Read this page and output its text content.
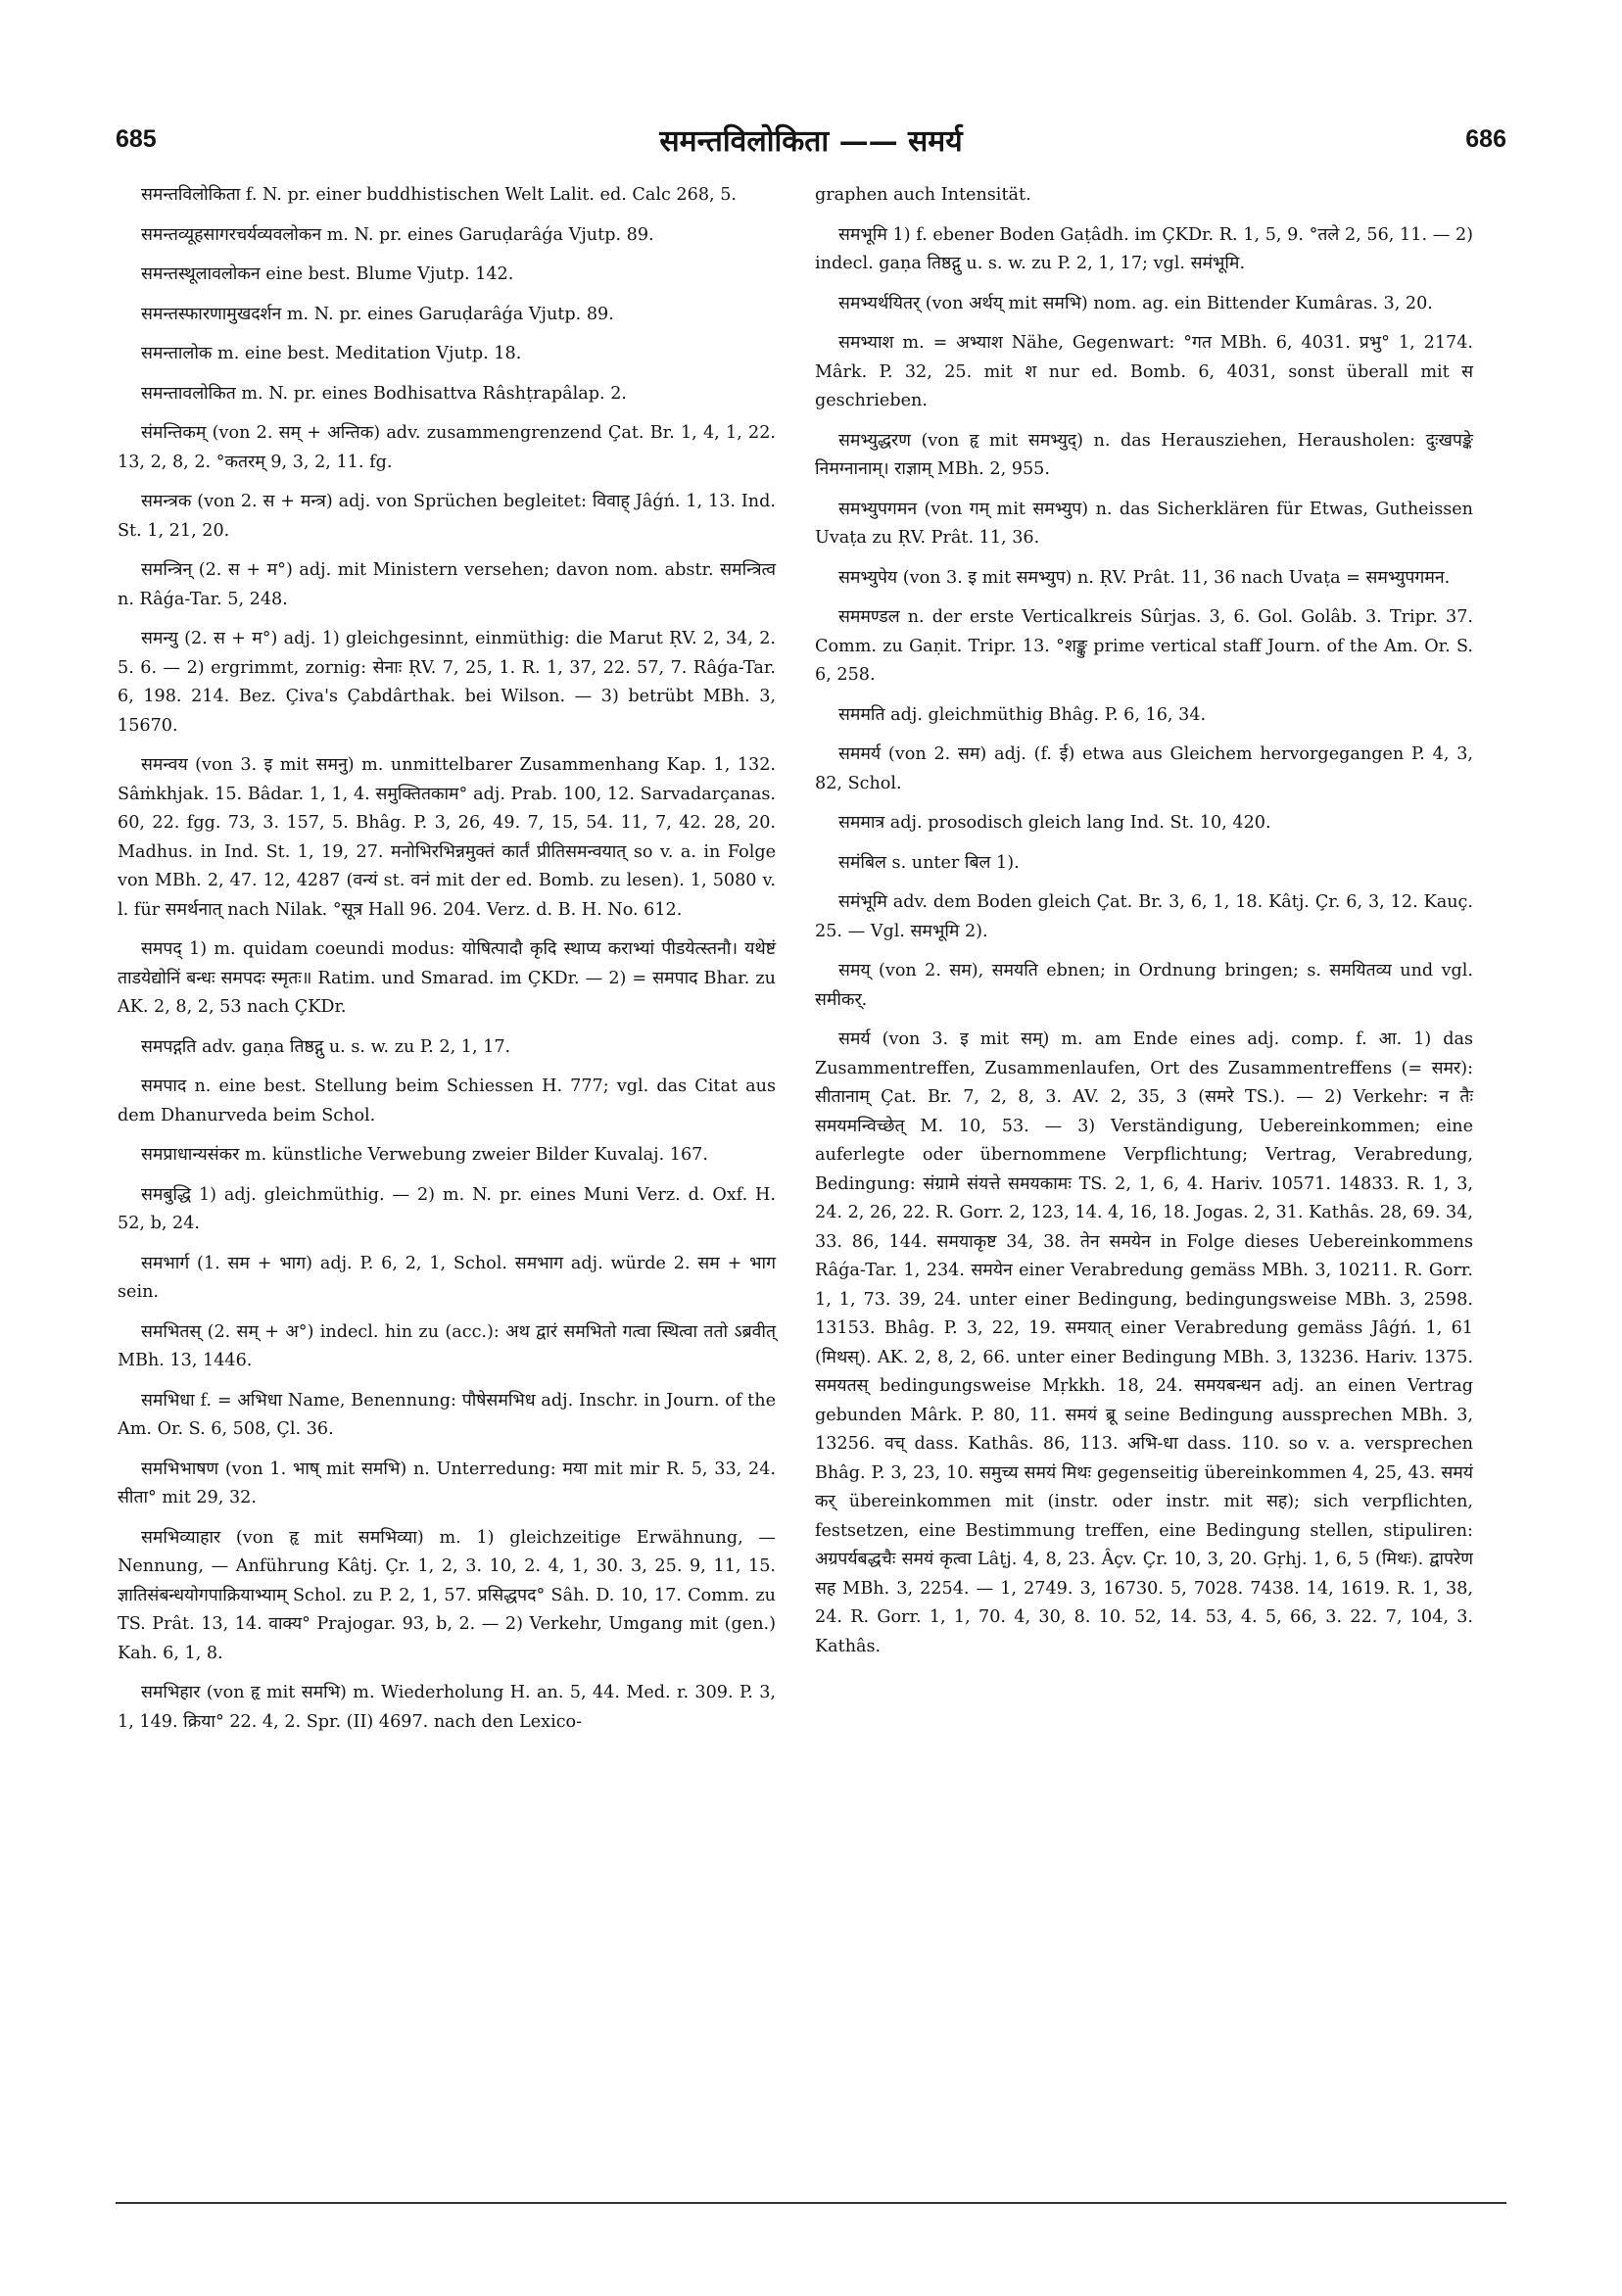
685	समन्तविलोकिता —— समर्य	686

समन्तविलोकिता f. N. pr. einer buddhistischen Welt Lalit. ed. Calc 268, 5.

समन्तव्यूहसागरचर्यव्यवलोकन m. N. pr. eines Garuḍarâǵa Vjutp. 89.

समन्तस्थूलावलोकन eine best. Blume Vjutp. 142.

समन्तस्फारणामुखदर्शन m. N. pr. eines Garuḍarâǵa Vjutp. 89.

समन्तालोक m. eine best. Meditation Vjutp. 18.

समन्तावलोकित m. N. pr. eines Bodhisattva Râshṭrapâlap. 2.

संमन्तिकम् (von 2. सम् + अन्तिक) adv. zusammengrenzend Çat. Br. 1, 4, 1, 22. 13, 2, 8, 2. °कतरम् 9, 3, 2, 11. fg.

समन्त्रक (von 2. स + मन्त्र) adj. von Sprüchen begleitet: विवाह् Jâǵń. 1, 13. Ind. St. 1, 21, 20.

समन्त्रिन् (2. स + म°) adj. mit Ministern versehen; davon nom. abstr. समन्त्रित्व n. Râǵa-Tar. 5, 248.

समन्यु (2. स + म°) adj. 1) gleichgesinnt, einmüthig: die Marut ṚV. 2, 34, 2. 5. 6. — 2) ergrimmt, zornig: सेनाः ṚV. 7, 25, 1. R. 1, 37, 22. 57, 7. Râǵa-Tar. 6, 198. 214. Bez. Çiva's Çabdârthak. bei Wilson. — 3) betrübt MBh. 3, 15670.

समन्वय (von 3. इ mit समनु) m. unmittelbarer Zusammenhang Kap. 1, 132. Sâṁkhjak. 15. Bâdar. 1, 1, 4. समुक्तितकाम° adj. Prab. 100, 12. Sarvadarçanas. 60, 22. fgg. 73, 3. 157, 5. Bhâg. P. 3, 26, 49. 7, 15, 54. 11, 7, 42. 28, 20. Madhus. in Ind. St. 1, 19, 27. मनोभिरभिन्नमुक्तं कार्तं प्रीतिसमन्वयात् so v. a. in Folge von MBh. 2, 47. 12, 4287 (वन्यं st. वनं mit der ed. Bomb. zu lesen). 1, 5080 v. l. für समर्थनात् nach Nilak. °सूत्र Hall 96. 204. Verz. d. B. H. No. 612.

समपद् 1) m. quidam coeundi modus: योषित्पादौ कृदि स्थाप्य कराभ्यां पीडयेत्स्तनौ। यथेष्टं ताडयेद्योनिं बन्धः समपदः स्मृतः॥ Ratim. und Smarad. im ÇKDr. — 2) = समपाद Bhar. zu AK. 2, 8, 2, 53 nach ÇKDr.

समपद्गति adv. gaṇa तिष्ठद्गु u. s. w. zu P. 2, 1, 17.

समपाद n. eine best. Stellung beim Schiessen H. 777; vgl. das Citat aus dem Dhanurveda beim Schol.

समप्राधान्यसंकर m. künstliche Verwebung zweier Bilder Kuvalaj. 167.

समबुद्धि 1) adj. gleichmüthig. — 2) m. N. pr. eines Muni Verz. d. Oxf. H. 52, b, 24.

समभार्ग (1. सम + भाग) adj. P. 6, 2, 1, Schol. समभाग adj. würde 2. सम + भाग sein.

समभितस् (2. सम् + अ°) indecl. hin zu (acc.): अथ द्वारं समभितो गत्वा स्थित्वा ततो ऽब्रवीत् MBh. 13, 1446.

समभिधा f. = अभिधा Name, Benennung: पौषेसमभिध adj. Inschr. in Journ. of the Am. Or. S. 6, 508, Çl. 36.

समभिभाषण (von 1. भाष् mit समभि) n. Unterredung: मया mit mir R. 5, 33, 24. सीता° mit 29, 32.

समभिव्याहार (von हृ mit समभिव्या) m. 1) gleichzeitige Erwähnung, — Nennung, — Anführung Kâtj. Çr. 1, 2, 3. 10, 2. 4, 1, 30. 3, 25. 9, 11, 15. ज्ञातिसंबन्धयोगपाक्रियाभ्याम् Schol. zu P. 2, 1, 57. प्रसिद्धपद° Sâh. D. 10, 17. Comm. zu TS. Prât. 13, 14. वाक्य° Prajogar. 93, b, 2. — 2) Verkehr, Umgang mit (gen.) Kah. 6, 1, 8.

समभिहार (von हृ mit समभि) m. Wiederholung H. an. 5, 44. Med. r. 309. P. 3, 1, 149. क्रिया° 22. 4, 2. Spr. (II) 4697. nach den Lexico-

graphen auch Intensität.

समभूमि 1) f. ebener Boden Gaṭâdh. im ÇKDr. R. 1, 5, 9. °तले 2, 56, 11. — 2) indecl. gaṇa तिष्ठद्गु u. s. w. zu P. 2, 1, 17; vgl. समंभूमि.

समभ्यर्थयितर् (von अर्थय् mit समभि) nom. ag. ein Bittender Kumâras. 3, 20.

समभ्याश m. = अभ्याश Nähe, Gegenwart: °गत MBh. 6, 4031. प्रभु° 1, 2174. Mârk. P. 32, 25. mit श nur ed. Bomb. 6, 4031, sonst überall mit स geschrieben.

समभ्युद्धरण (von हृ mit समभ्युद्) n. das Herausziehen, Herausholen: दुःखपङ्के निमग्नानाम्। राज्ञाम् MBh. 2, 955.

समभ्युपगमन (von गम् mit समभ्युप) n. das Sicherklären für Etwas, Gutheissen Uvaṭa zu ṚV. Prât. 11, 36.

समभ्युपेय (von 3. इ mit समभ्युप) n. ṚV. Prât. 11, 36 nach Uvaṭa = समभ्युपगमन.

सममण्डल n. der erste Verticalkreis Sûrjas. 3, 6. Gol. Golâb. 3. Tripr. 37. Comm. zu Gaṇit. Tripr. 13. °शङ्कु prime vertical staff Journ. of the Am. Or. S. 6, 258.

सममति adj. gleichmüthig Bhâg. P. 6, 16, 34.

सममर्य (von 2. सम) adj. (f. ई) etwa aus Gleichem hervorgegangen P. 4, 3, 82, Schol.

सममात्र adj. prosodisch gleich lang Ind. St. 10, 420.

समंबिल s. unter बिल 1).

समंभूमि adv. dem Boden gleich Çat. Br. 3, 6, 1, 18. Kâtj. Çr. 6, 3, 12. Kauç. 25. — Vgl. समभूमि 2).

समय् (von 2. सम), समयति ebnen; in Ordnung bringen; s. समयितव्य und vgl. समीकर्.

समर्य (von 3. इ mit सम्) m. am Ende eines adj. comp. f. आ. 1) das Zusammentreffen, Zusammenlaufen, Ort des Zusammentreffens (= समर): सीतानाम् Çat. Br. 7, 2, 8, 3. AV. 2, 35, 3 (समरे TS.). — 2) Verkehr: न तैः समयमन्विच्छेत् M. 10, 53. — 3) Verständigung, Uebereinkommen; eine auferlegte oder übernommene Verpflichtung; Vertrag, Verabredung, Bedingung: संग्रामे संयत्ते समयकामः TS. 2, 1, 6, 4. Hariv. 10571. 14833. R. 1, 3, 24. 2, 26, 22. R. Gorr. 2, 123, 14. 4, 16, 18. Jogas. 2, 31. Kathâs. 28, 69. 34, 33. 86, 144. समयाकृष्ट 34, 38. तेन समयेन in Folge dieses Uebereinkommens Râǵa-Tar. 1, 234. समयेन einer Verabredung gemäss MBh. 3, 10211. R. Gorr. 1, 1, 73. 39, 24. unter einer Bedingung, bedingungsweise MBh. 3, 2598. 13153. Bhâg. P. 3, 22, 19. समयात् einer Verabredung gemäss Jâǵń. 1, 61 (मिथस्). AK. 2, 8, 2, 66. unter einer Bedingung MBh. 3, 13236. Hariv. 1375. समयतस् bedingungsweise Mṛkkh. 18, 24. समयबन्धन adj. an einen Vertrag gebunden Mârk. P. 80, 11. समयं ब्रू seine Bedingung aussprechen MBh. 3, 13256. वच् dass. Kathâs. 86, 113. अभि-धा dass. 110. so v. a. versprechen Bhâg. P. 3, 23, 10. समुच्य समयं मिथः gegenseitig übereinkommen 4, 25, 43. समयं कर् übereinkommen mit (instr. oder instr. mit सह); sich verpflichten, festsetzen, eine Bestimmung treffen, eine Bedingung stellen, stipuliren: अग्रपर्यबद्धचैः समयं कृत्वा Lâṭj. 4, 8, 23. Âçv. Çr. 10, 3, 20. Gṛhj. 1, 6, 5 (मिथः). द्वापरेण सह MBh. 3, 2254. — 1, 2749. 3, 16730. 5, 7028. 7438. 14, 1619. R. 1, 38, 24. R. Gorr. 1, 1, 70. 4, 30, 8. 10. 52, 14. 53, 4. 5, 66, 3. 22. 7, 104, 3. Kathâs.
